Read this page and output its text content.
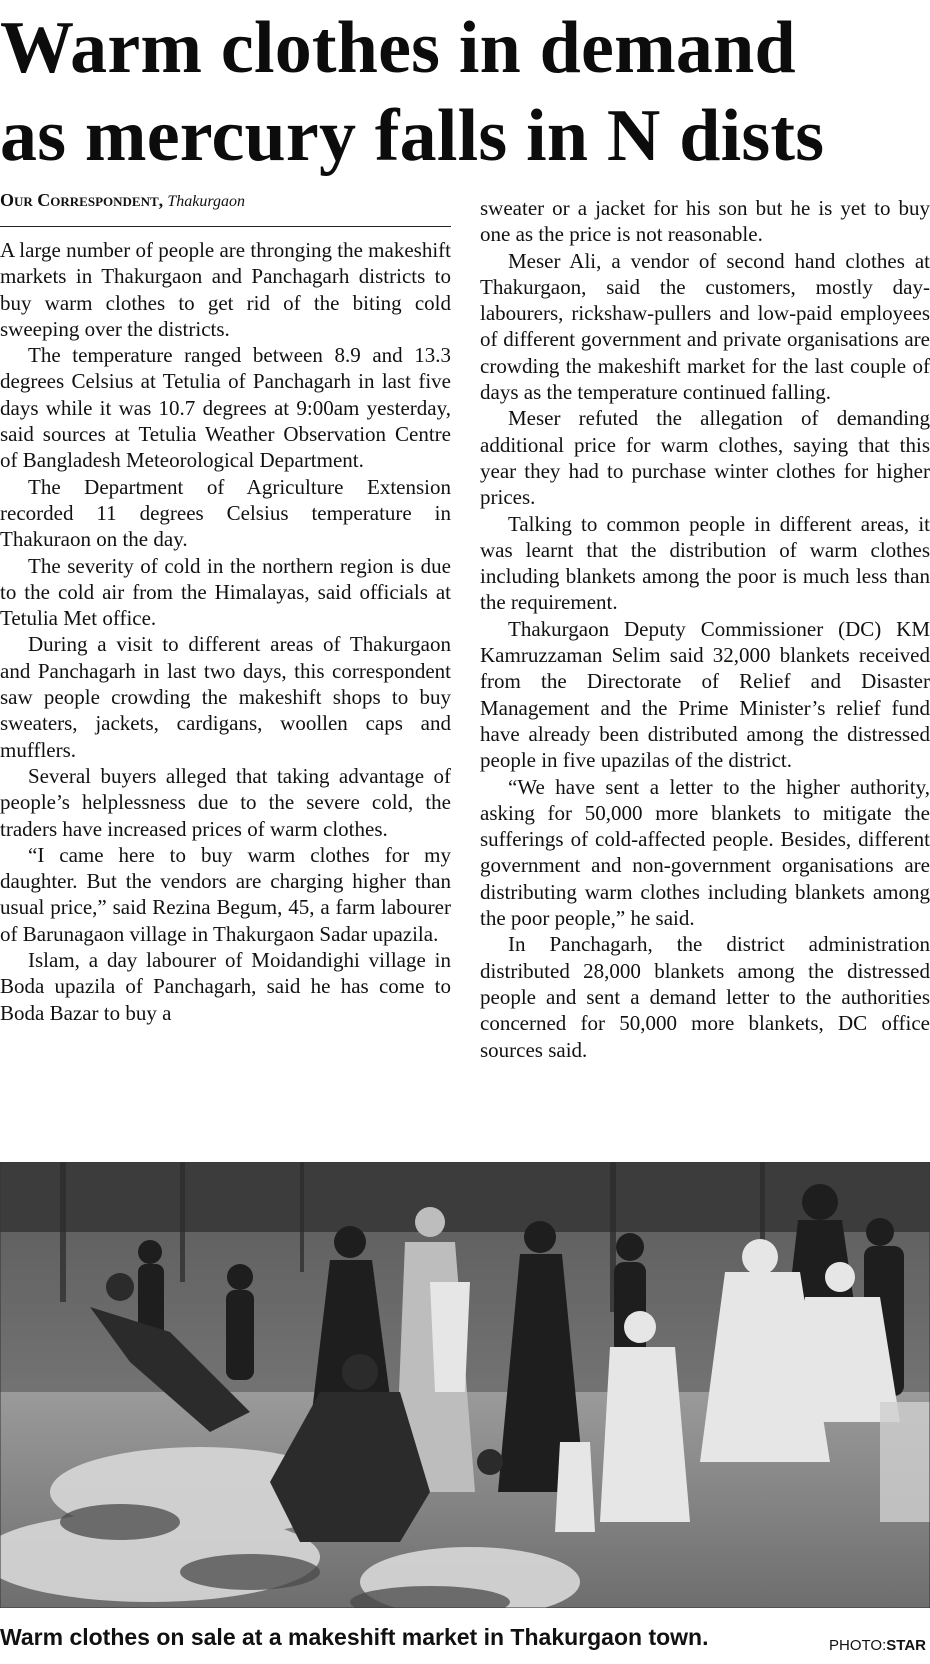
Warm clothes in demand
as mercury falls in N dists
Our Correspondent, Thakurgaon

A large number of people are thronging the makeshift markets in Thakurgaon and Panchagarh districts to buy warm clothes to get rid of the biting cold sweeping over the districts.

The temperature ranged between 8.9 and 13.3 degrees Celsius at Tetulia of Panchagarh in last five days while it was 10.7 degrees at 9:00am yesterday, said sources at Tetulia Weather Observation Centre of Bangladesh Meteorological Department.

The Department of Agriculture Extension recorded 11 degrees Celsius temperature in Thakuraon on the day.

The severity of cold in the northern region is due to the cold air from the Himalayas, said officials at Tetulia Met office.

During a visit to different areas of Thakurgaon and Panchagarh in last two days, this correspondent saw people crowding the makeshift shops to buy sweaters, jackets, cardigans, woollen caps and mufflers.

Several buyers alleged that taking advantage of people’s helplessness due to the severe cold, the traders have increased prices of warm clothes.

“I came here to buy warm clothes for my daughter. But the vendors are charging higher than usual price,” said Rezina Begum, 45, a farm labourer of Barunagaon village in Thakurgaon Sadar upazila.

Islam, a day labourer of Moidandighi village in Boda upazila of Panchagarh, said he has come to Boda Bazar to buy a

sweater or a jacket for his son but he is yet to buy one as the price is not reasonable.

Meser Ali, a vendor of second hand clothes at Thakurgaon, said the customers, mostly day-labourers, rickshaw-pullers and low-paid employees of different government and private organisations are crowding the makeshift market for the last couple of days as the temperature continued falling.

Meser refuted the allegation of demanding additional price for warm clothes, saying that this year they had to purchase winter clothes for higher prices.

Talking to common people in different areas, it was learnt that the distribution of warm clothes including blankets among the poor is much less than the requirement.

Thakurgaon Deputy Commissioner (DC) KM Kamruzzaman Selim said 32,000 blankets received from the Directorate of Relief and Disaster Management and the Prime Minister’s relief fund have already been distributed among the distressed people in five upazilas of the district.

“We have sent a letter to the higher authority, asking for 50,000 more blankets to mitigate the sufferings of cold-affected people. Besides, different government and non-government organisations are distributing warm clothes including blankets among the poor people,” he said.

In Panchagarh, the district administration distributed 28,000 blankets among the distressed people and sent a demand letter to the authorities concerned for 50,000 more blankets, DC office sources said.

Warm clothes on sale at a makeshift market in Thakurgaon town.	PHOTO:STAR
